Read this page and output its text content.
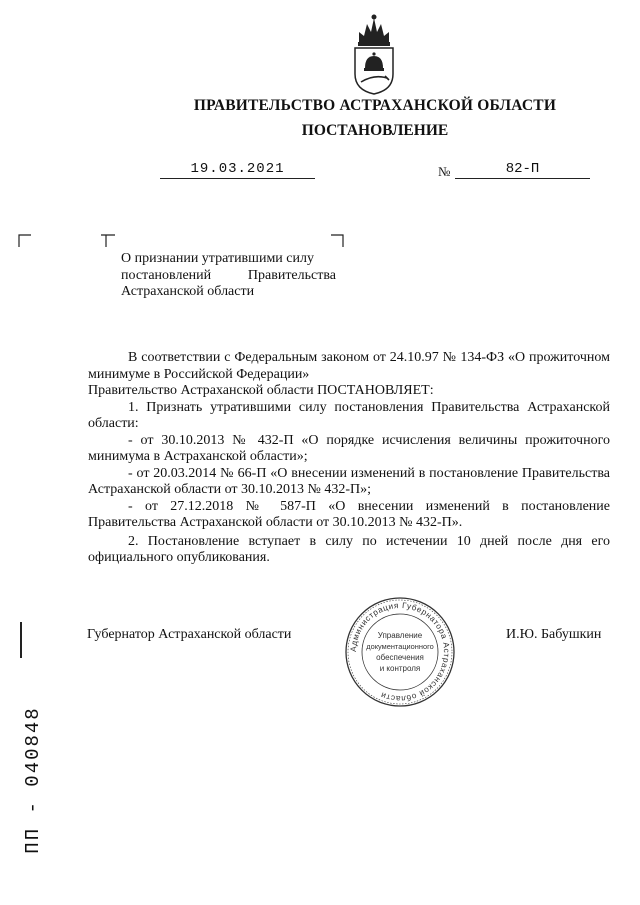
ПРАВИТЕЛЬСТВО АСТРАХАНСКОЙ ОБЛАСТИ
ПОСТАНОВЛЕНИЕ
19.03.2021	№	82-П
О признании утратившими силу
постановлений	Правительства
Астраханской области

В соответствии с Федеральным законом от 24.10.97 № 134-ФЗ «О прожиточном минимуме в Российской Федерации»

Правительство Астраханской области ПОСТАНОВЛЯЕТ:

1. Признать утратившими силу постановления Правительства Астраханской области:

- от 30.10.2013 № 432-П «О порядке исчисления величины прожиточного минимума в Астраханской области»;

- от 20.03.2014 № 66-П «О внесении изменений в постановление Правительства Астраханской области от 30.10.2013 № 432-П»;

- от 27.12.2018 № 587-П «О внесении изменений в постановление Правительства Астраханской области от 30.10.2013 № 432-П».

2. Постановление вступает в силу по истечении 10 дней после дня его официального опубликования.

Губернатор Астраханской области	И.Ю. Бабушкин
Администрация Губернатора Астраханской области
Управление
документационного
обеспечения
и контроля
ПП - 040848
